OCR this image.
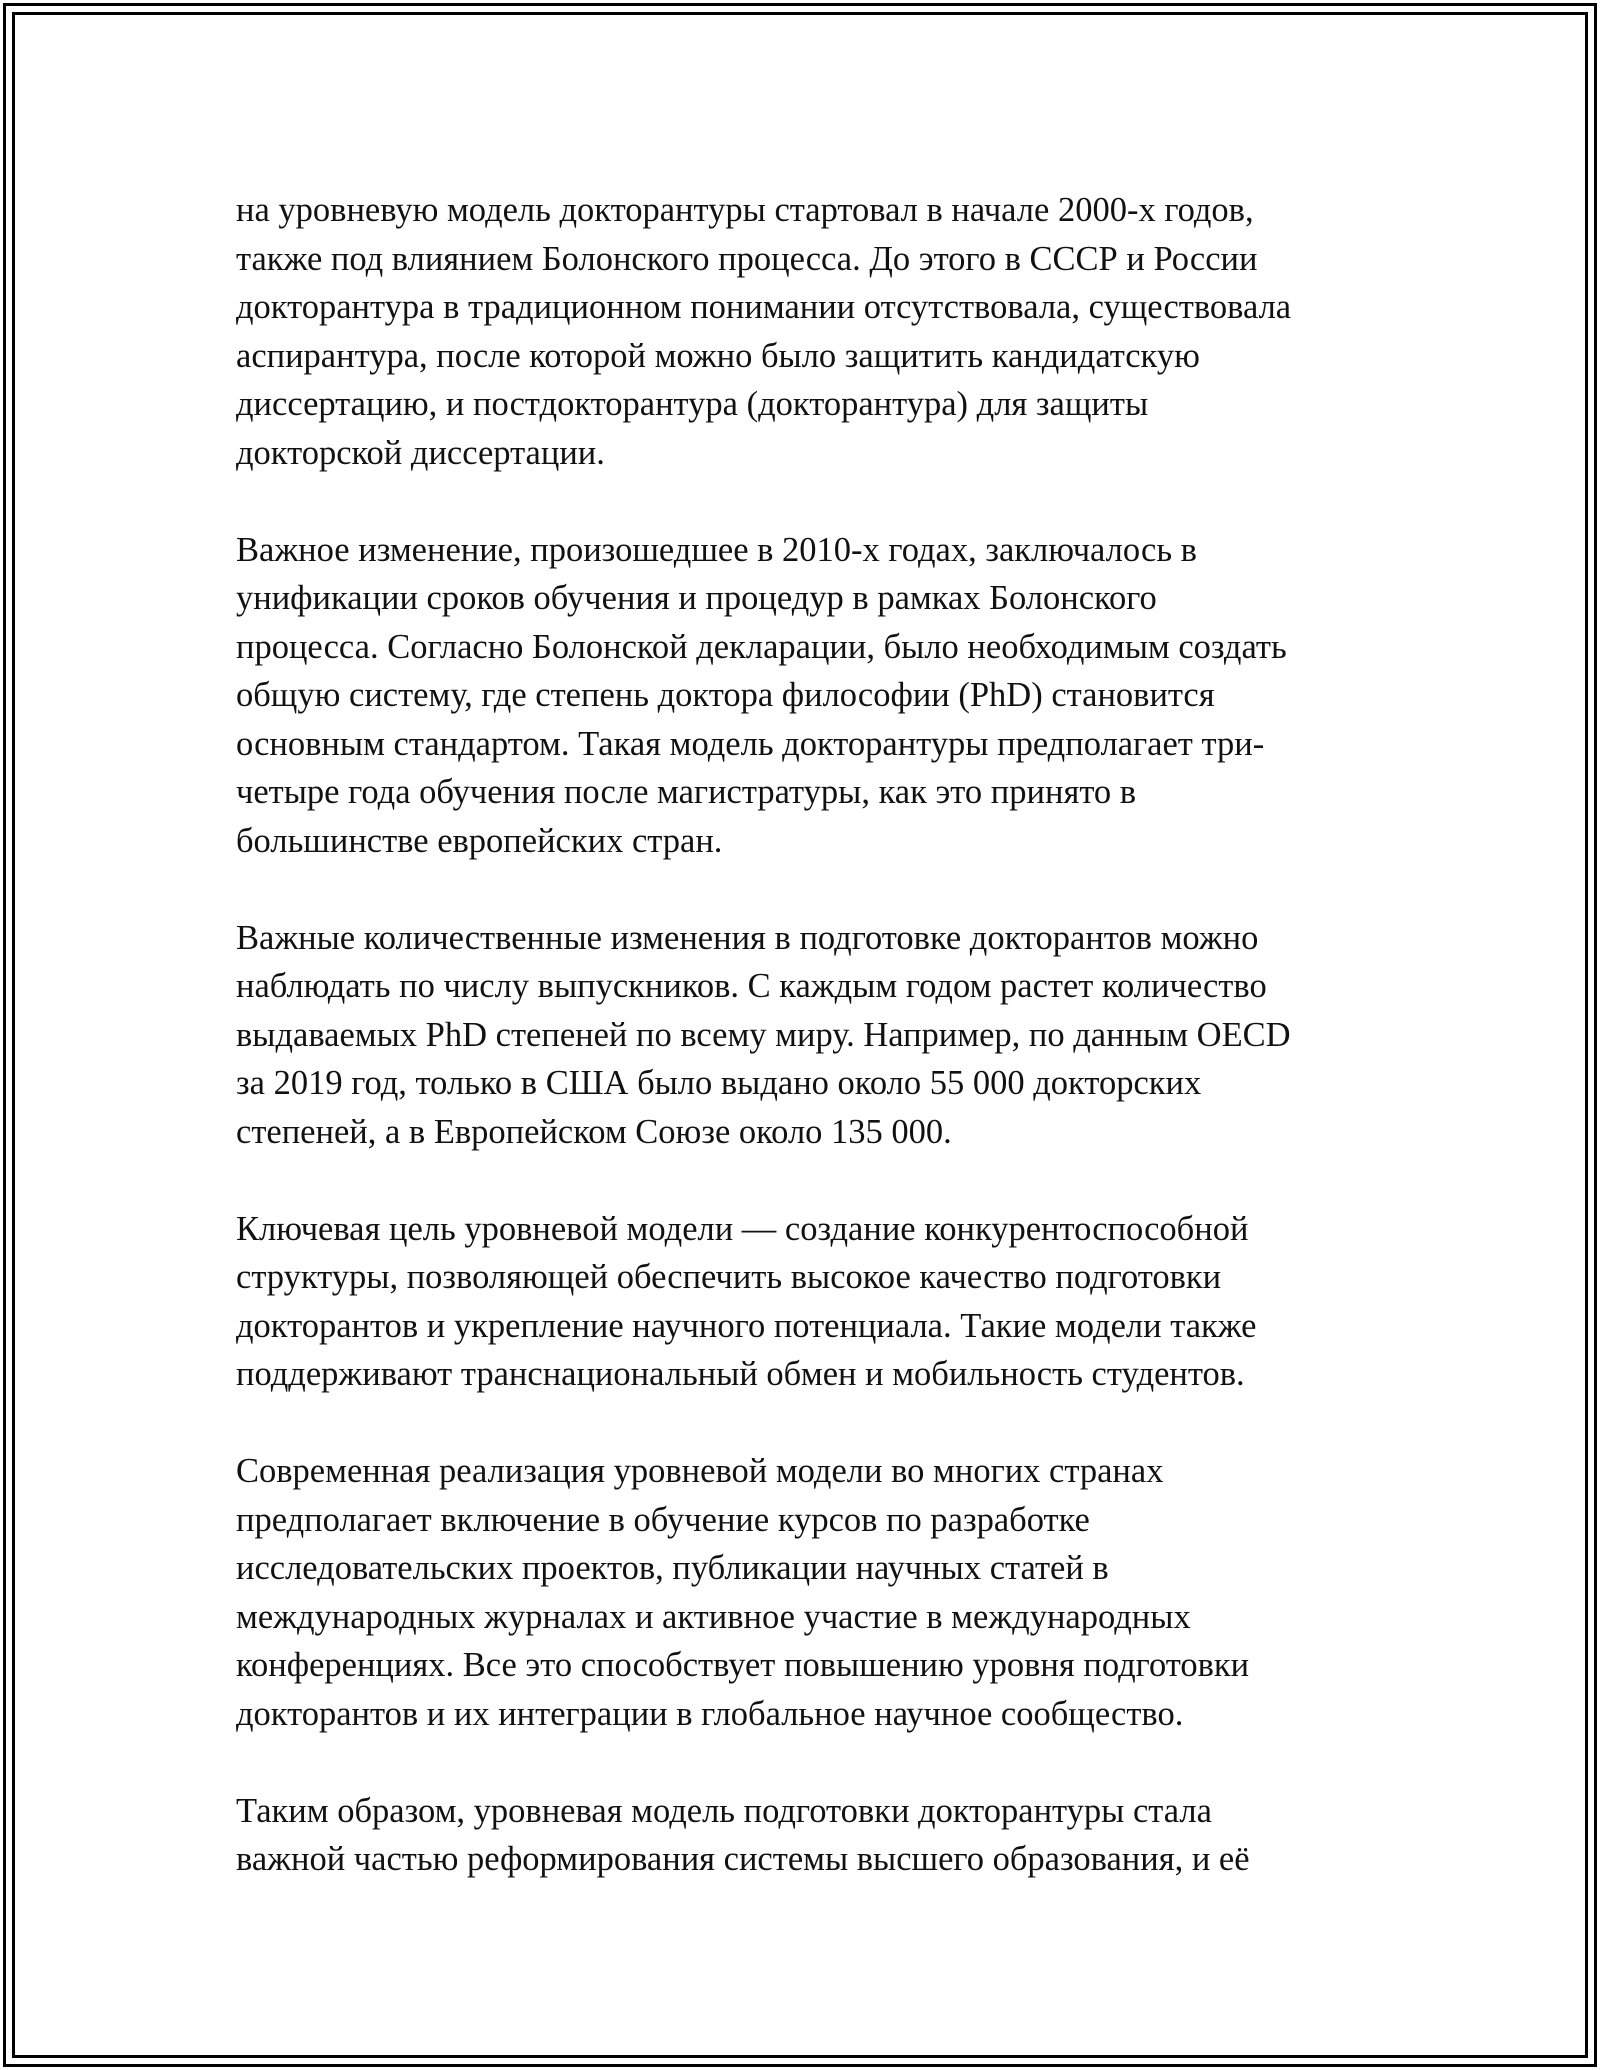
на уровневую модель докторантуры стартовал в начале 2000-х годов,
также под влиянием Болонского процесса. До этого в СССР и России
докторантура в традиционном понимании отсутствовала, существовала
аспирантура, после которой можно было защитить кандидатскую
диссертацию, и постдокторантура (докторантура) для защиты
докторской диссертации.

Важное изменение, произошедшее в 2010-х годах, заключалось в
унификации сроков обучения и процедур в рамках Болонского
процесса. Согласно Болонской декларации, было необходимым создать
общую систему, где степень доктора философии (PhD) становится
основным стандартом. Такая модель докторантуры предполагает три-
четыре года обучения после магистратуры, как это принято в
большинстве европейских стран.

Важные количественные изменения в подготовке докторантов можно
наблюдать по числу выпускников. С каждым годом растет количество
выдаваемых PhD степеней по всему миру. Например, по данным OECD
за 2019 год, только в США было выдано около 55 000 докторских
степеней, а в Европейском Союзе около 135 000.

Ключевая цель уровневой модели — создание конкурентоспособной
структуры, позволяющей обеспечить высокое качество подготовки
докторантов и укрепление научного потенциала. Такие модели также
поддерживают транснациональный обмен и мобильность студентов.

Современная реализация уровневой модели во многих странах
предполагает включение в обучение курсов по разработке
исследовательских проектов, публикации научных статей в
международных журналах и активное участие в международных
конференциях. Все это способствует повышению уровня подготовки
докторантов и их интеграции в глобальное научное сообщество.

Таким образом, уровневая модель подготовки докторантуры стала
важной частью реформирования системы высшего образования, и её
